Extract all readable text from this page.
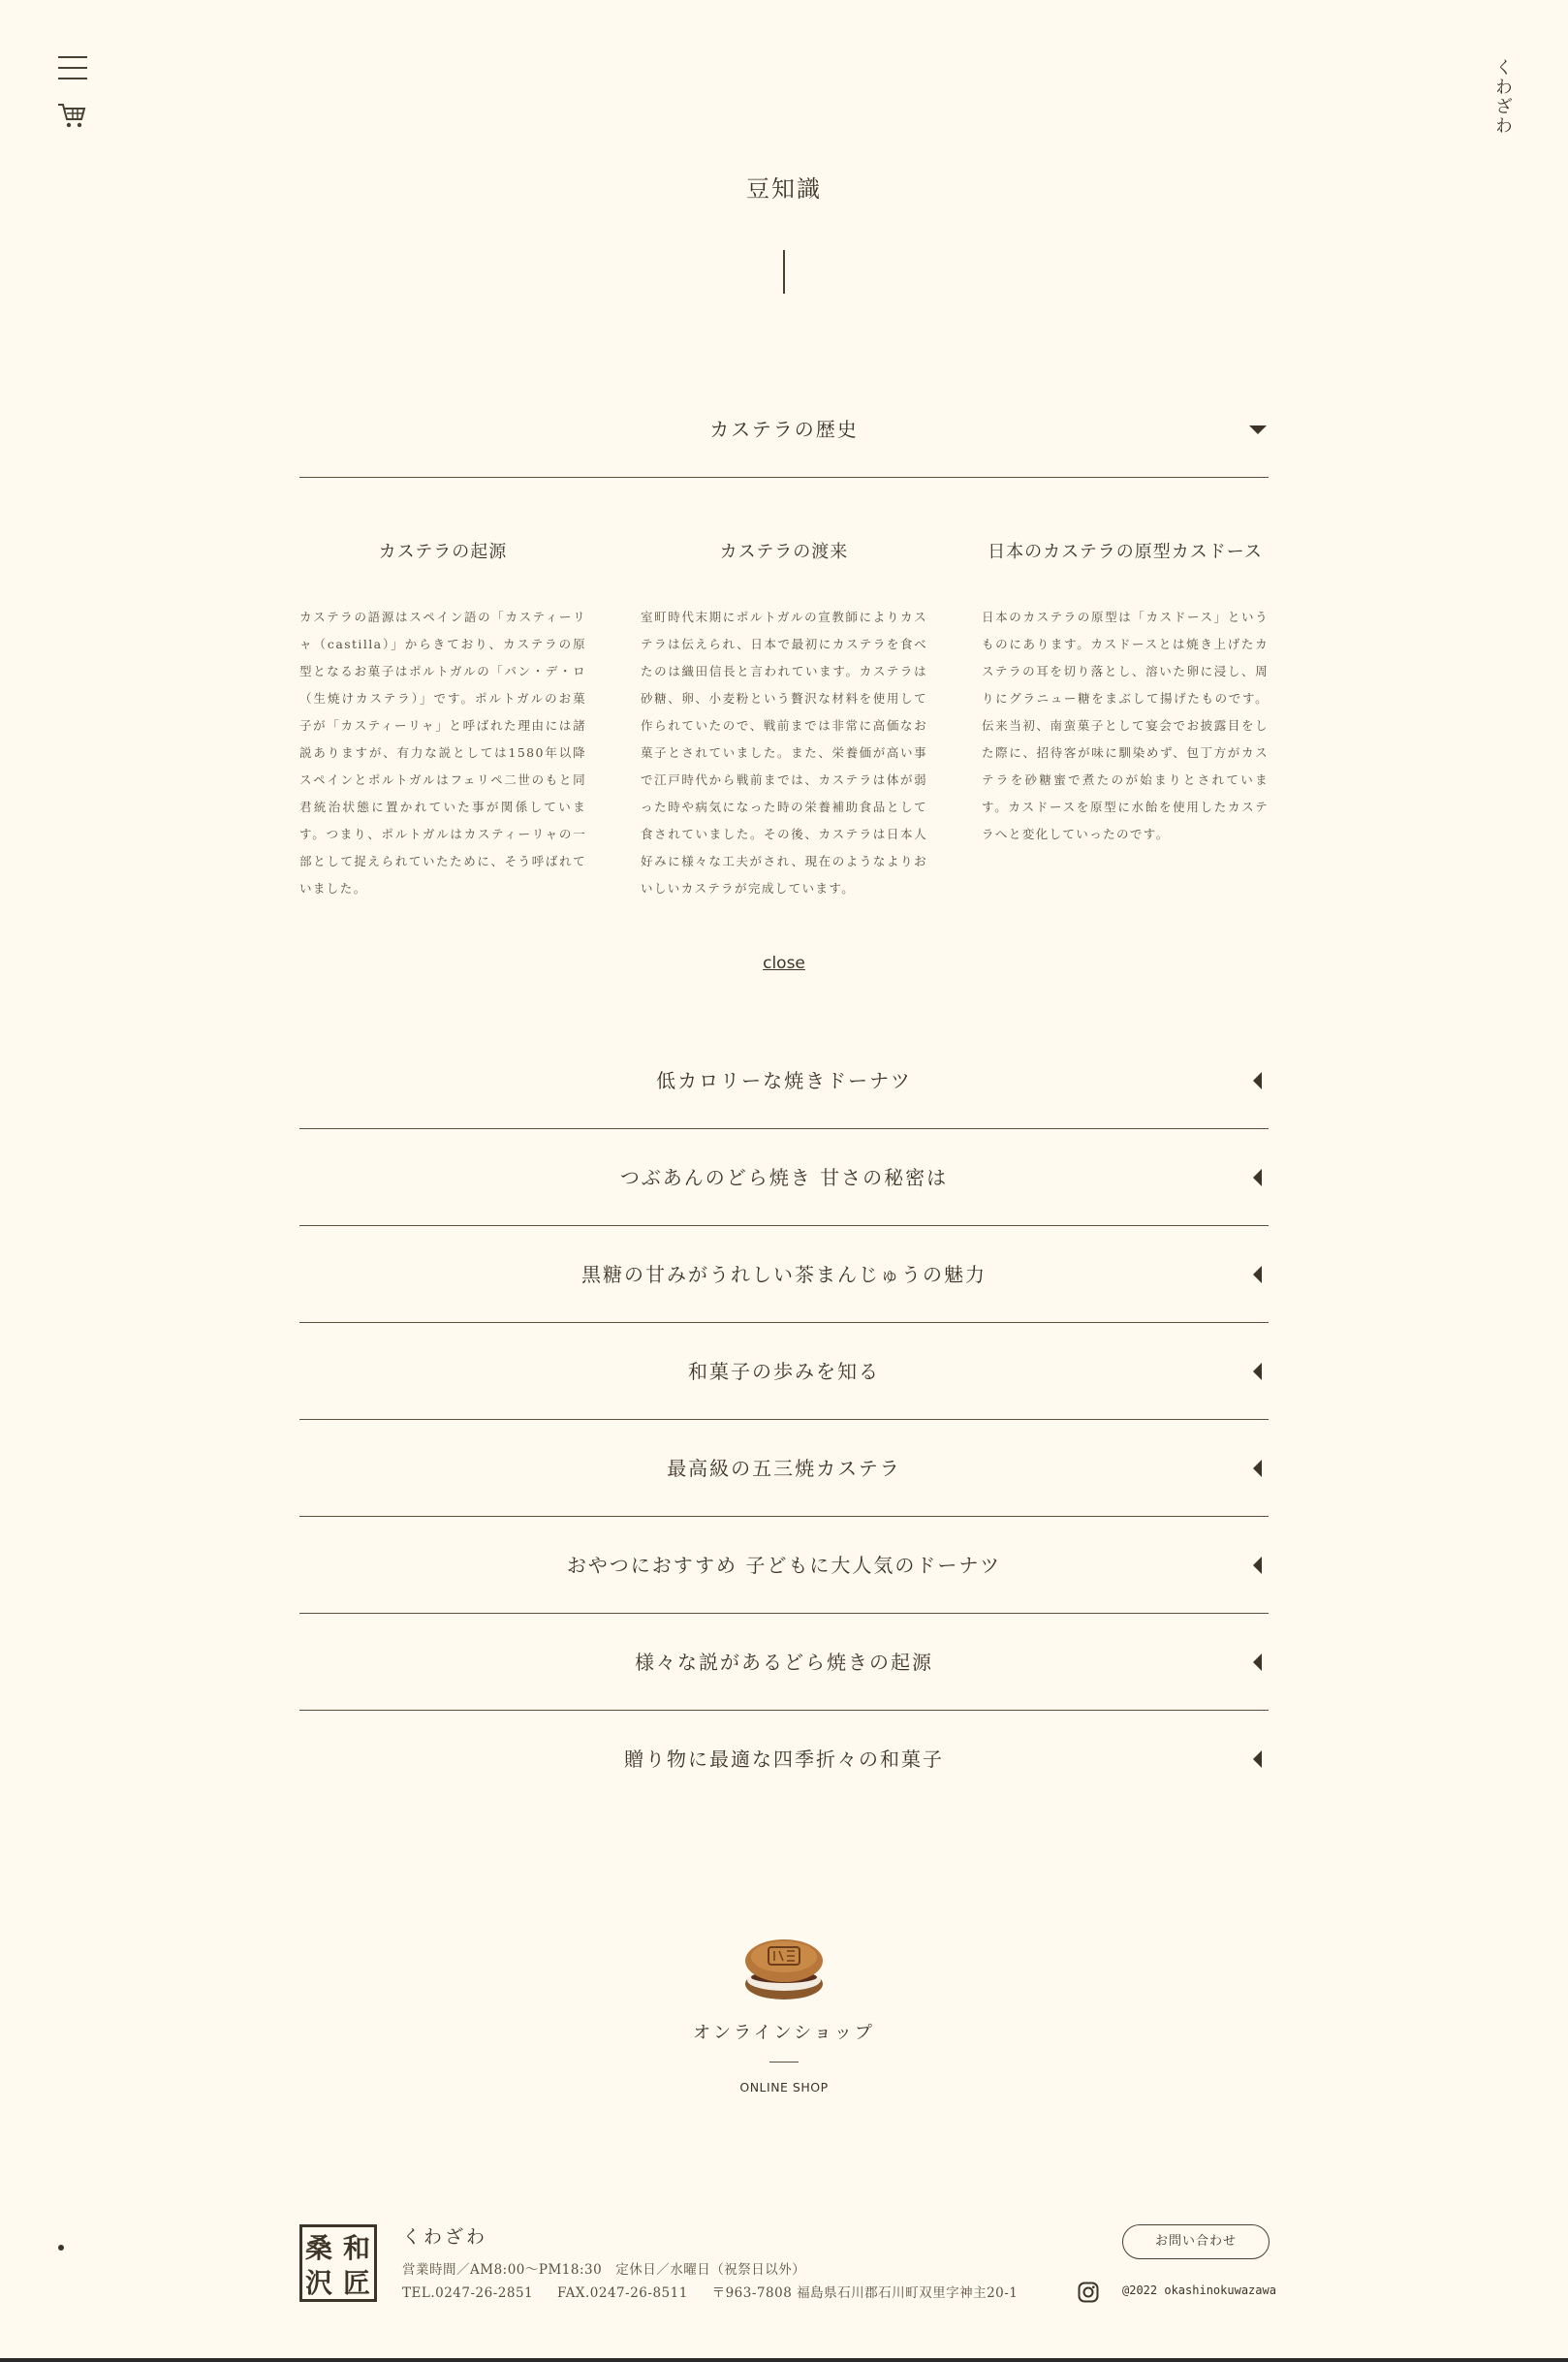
くわざわ
豆知識
カステラの歴史
カステラの起源

カステラの語源はスペイン語の「カスティーリャ（castilla）」からきており、カステラの原型となるお菓子はポルトガルの「パン・デ・ロ（生焼けカステラ）」です。ポルトガルのお菓子が「カスティーリャ」と呼ばれた理由には諸説ありますが、有力な説としては1580年以降スペインとポルトガルはフェリペ二世のもと同君統治状態に置かれていた事が関係しています。つまり、ポルトガルはカスティーリャの一部として捉えられていたために、そう呼ばれていました。

カステラの渡来

室町時代末期にポルトガルの宣教師によりカステラは伝えられ、日本で最初にカステラを食べたのは織田信長と言われています。カステラは砂糖、卵、小麦粉という贅沢な材料を使用して作られていたので、戦前までは非常に高価なお菓子とされていました。また、栄養価が高い事で江戸時代から戦前までは、カステラは体が弱った時や病気になった時の栄養補助食品として食されていました。その後、カステラは日本人好みに様々な工夫がされ、現在のようなよりおいしいカステラが完成しています。

日本のカステラの原型カスドース

日本のカステラの原型は「カスドース」というものにあります。カスドースとは焼き上げたカステラの耳を切り落とし、溶いた卵に浸し、周りにグラニュー糖をまぶして揚げたものです。伝来当初、南蛮菓子として宴会でお披露目をした際に、招待客が味に馴染めず、包丁方がカステラを砂糖蜜で煮たのが始まりとされています。カスドースを原型に水飴を使用したカステラへと変化していったのです。

close
低カロリーな焼きドーナツ
つぶあんのどら焼き 甘さの秘密は
黒糖の甘みがうれしい茶まんじゅうの魅力
和菓子の歩みを知る
最高級の五三焼カステラ
おやつにおすすめ 子どもに大人気のドーナツ
様々な説があるどら焼きの起源
贈り物に最適な四季折々の和菓子
オンラインショップ
ONLINE SHOP
桑 和
沢 匠
くわざわ
営業時間／AM8:00～PM18:30　定休日／水曜日（祝祭日以外）
TEL.0247-26-2851 FAX.0247-26-8511 〒963-7808 福島県石川郡石川町双里字神主20-1
お問い合わせ
@2022 okashinokuwazawa
